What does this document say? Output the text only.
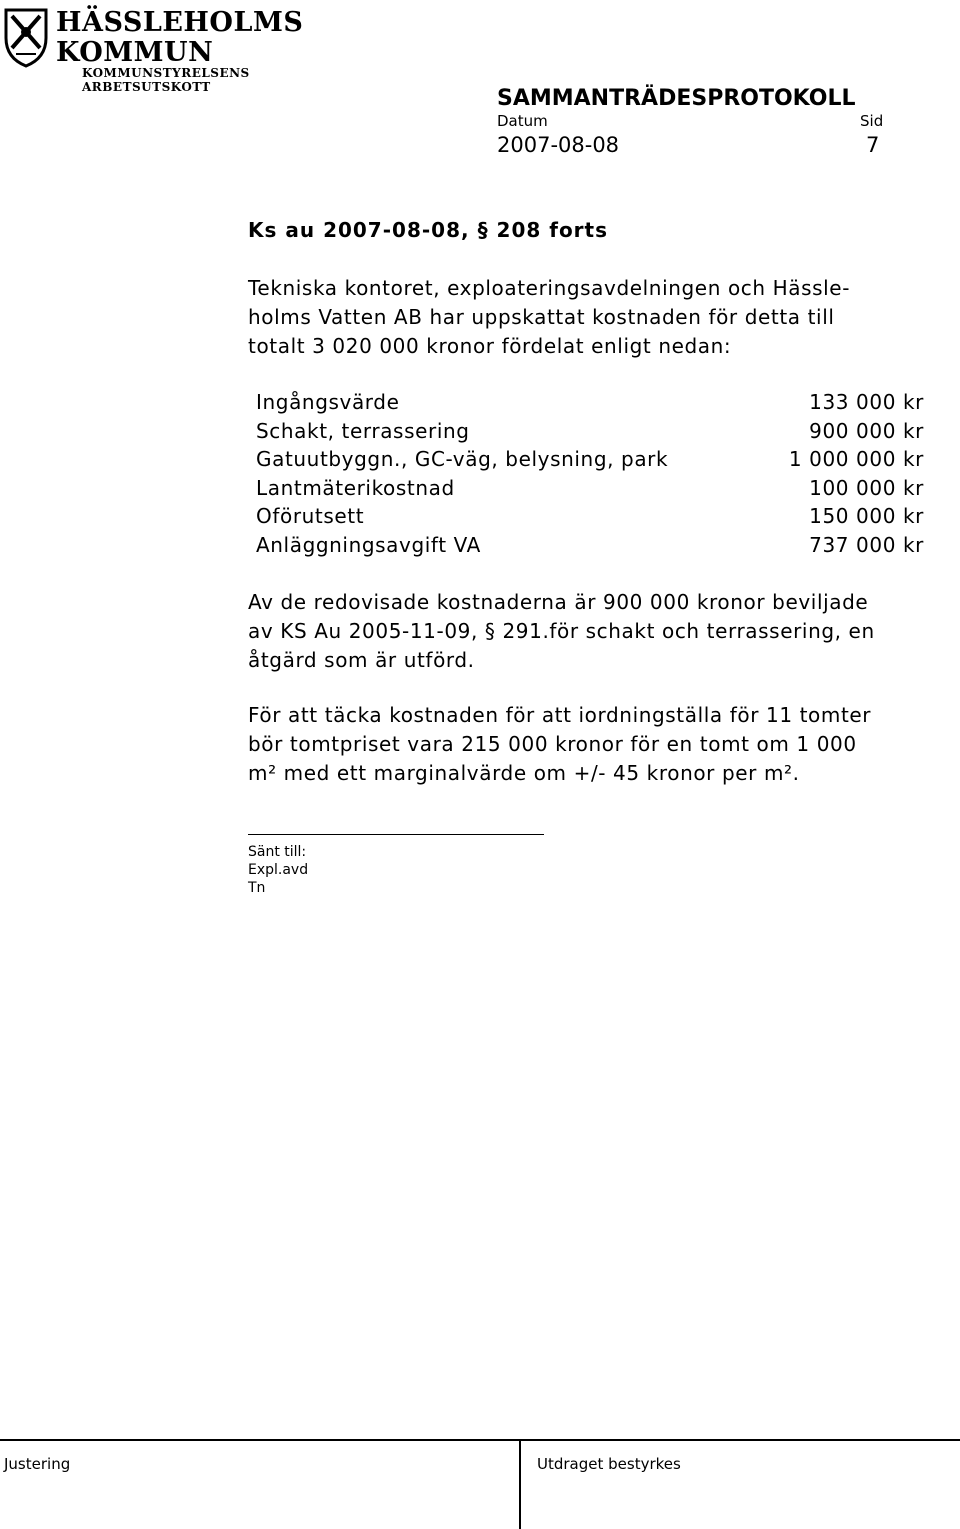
HÄSSLEHOLMS
KOMMUN
KOMMUNSTYRELSENS
ARBETSUTSKOTT	SAMMANTRÄDESPROTOKOLL
Datum	Sid
2007-08-08	7
Ks au 2007-08-08, § 208 forts
Tekniska kontoret, exploateringsavdelningen och Hässle-
holms Vatten AB har uppskattat kostnaden för detta till
totalt 3 020 000 kronor fördelat enligt nedan:
Ingångsvärde	133 000 kr
Schakt, terrassering	900 000 kr
Gatuutbyggn., GC-väg, belysning, park	1 000 000 kr
Lantmäterikostnad	100 000 kr
Oförutsett	150 000 kr
Anläggningsavgift VA	737 000 kr
Av de redovisade kostnaderna är 900 000 kronor beviljade
av KS Au 2005-11-09, § 291.för schakt och terrassering, en
åtgärd som är utförd.
För att täcka kostnaden för att iordningställa för 11 tomter
bör tomtpriset vara 215 000 kronor för en tomt om 1 000
m² med ett marginalvärde om +/- 45 kronor per m².
Sänt till:
Expl.avd
Tn
Justering	Utdraget bestyrkes
